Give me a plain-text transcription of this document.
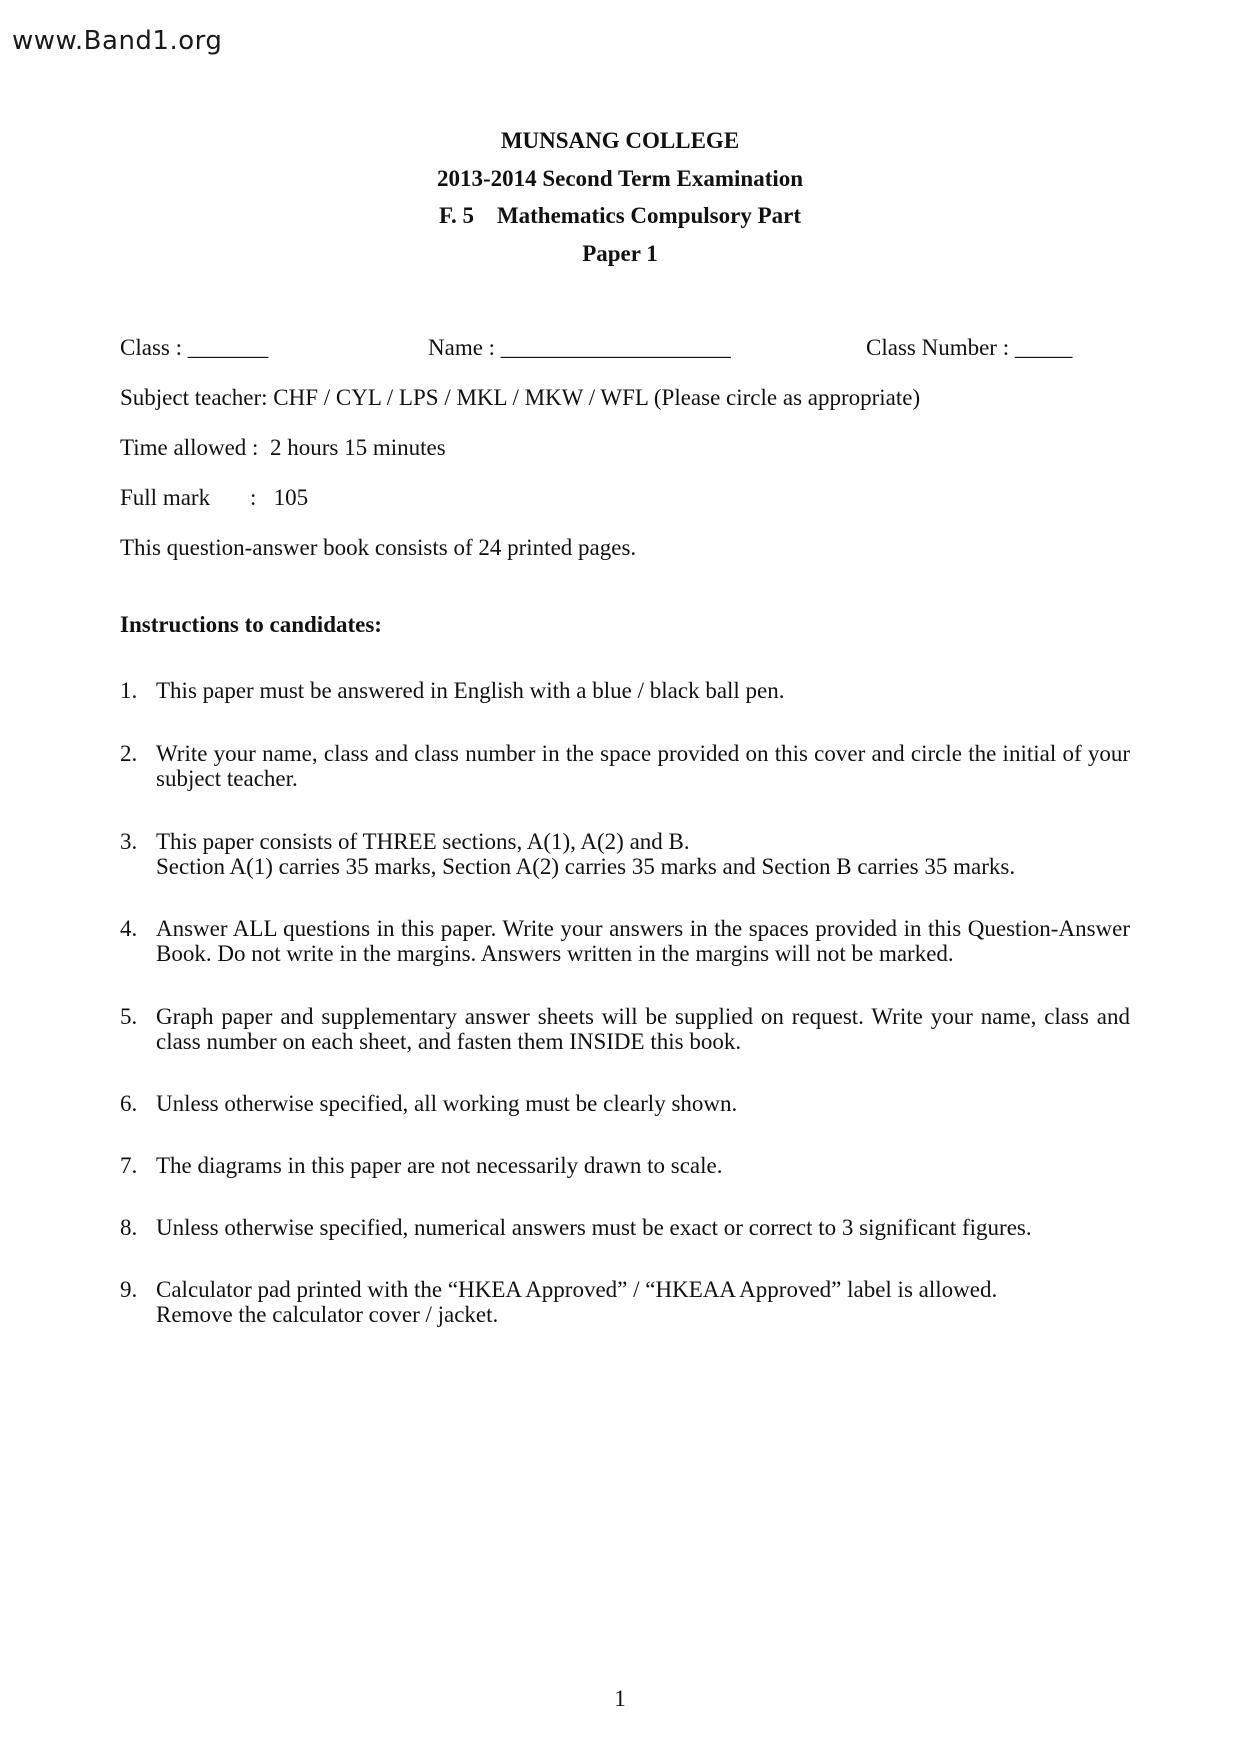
www.Band1.org
MUNSANG COLLEGE
2013-2014 Second Term Examination
F. 5    Mathematics Compulsory Part
Paper 1
Class : _______	Name : ____________________	Class Number : _____
Subject teacher: CHF / CYL / LPS / MKL / MKW / WFL (Please circle as appropriate)
Time allowed : 2 hours 15 minutes
Full mark :   105
This question-answer book consists of 24 printed pages.
Instructions to candidates:
1. This paper must be answered in English with a blue / black ball pen.
2. Write your name, class and class number in the space provided on this cover and circle the initial of your subject teacher.
3. This paper consists of THREE sections, A(1), A(2) and B.
Section A(1) carries 35 marks, Section A(2) carries 35 marks and Section B carries 35 marks.
4. Answer ALL questions in this paper. Write your answers in the spaces provided in this Question-Answer Book. Do not write in the margins. Answers written in the margins will not be marked.
5. Graph paper and supplementary answer sheets will be supplied on request. Write your name, class and class number on each sheet, and fasten them INSIDE this book.
6. Unless otherwise specified, all working must be clearly shown.
7. The diagrams in this paper are not necessarily drawn to scale.
8. Unless otherwise specified, numerical answers must be exact or correct to 3 significant figures.
9. Calculator pad printed with the “HKEA Approved” / “HKEAA Approved” label is allowed.
Remove the calculator cover / jacket.
1
